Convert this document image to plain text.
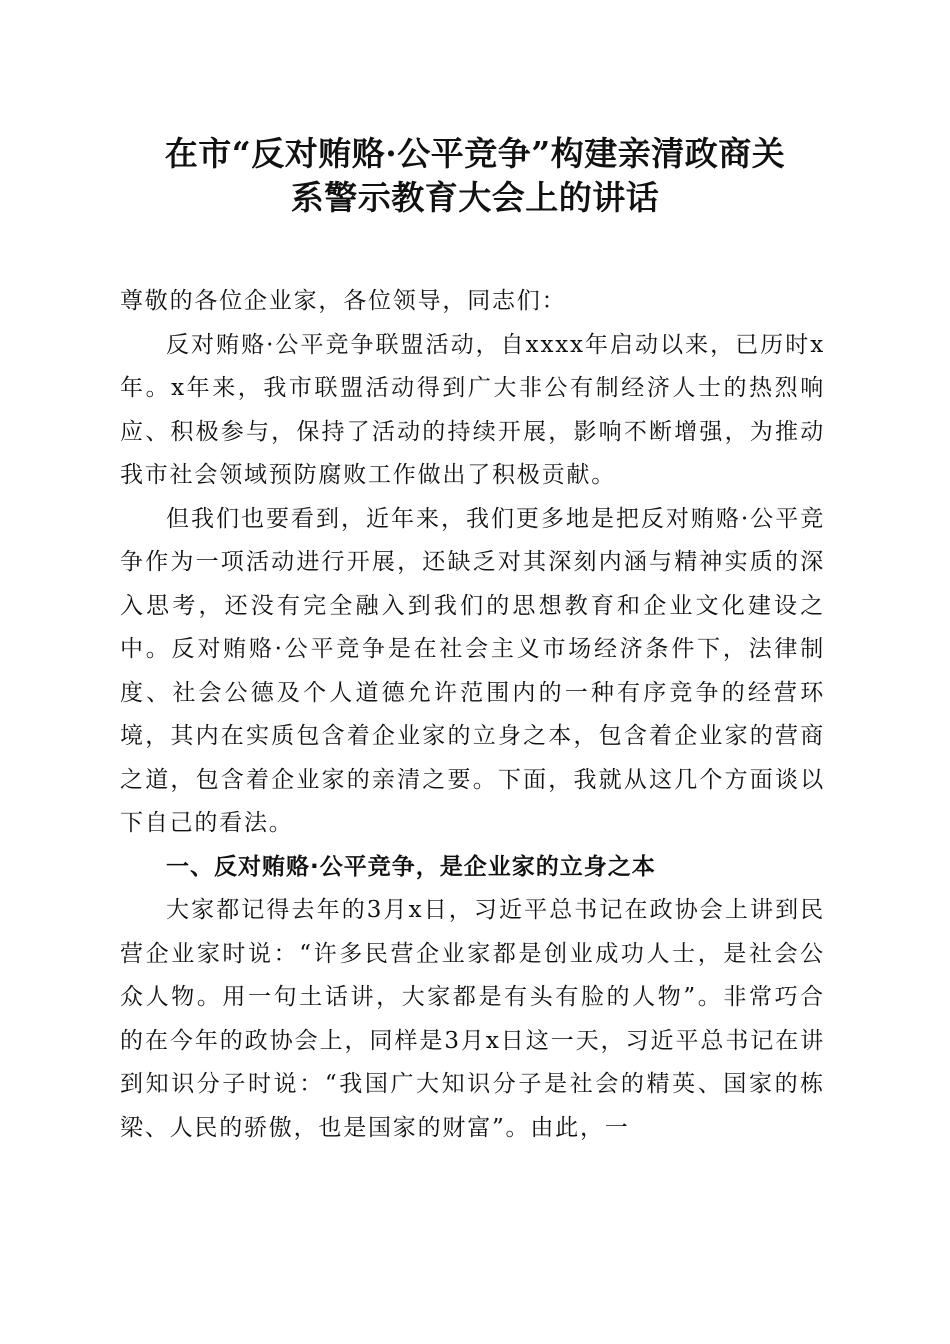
在市“反对贿赂·公平竞争”构建亲清政商关
系警示教育大会上的讲话

尊敬的各位企业家，各位领导，同志们：

反对贿赂·公平竞争联盟活动，自xxxx年启动以来，已历时x年。x年来，我市联盟活动得到广大非公有制经济人士的热烈响应、积极参与，保持了活动的持续开展，影响不断增强，为推动我市社会领域预防腐败工作做出了积极贡献。

但我们也要看到，近年来，我们更多地是把反对贿赂·公平竞争作为一项活动进行开展，还缺乏对其深刻内涵与精神实质的深入思考，还没有完全融入到我们的思想教育和企业文化建设之中。反对贿赂·公平竞争是在社会主义市场经济条件下，法律制度、社会公德及个人道德允许范围内的一种有序竞争的经营环境，其内在实质包含着企业家的立身之本，包含着企业家的营商之道，包含着企业家的亲清之要。下面，我就从这几个方面谈以下自己的看法。

一、反对贿赂·公平竞争，是企业家的立身之本

大家都记得去年的3月x日，习近平总书记在政协会上讲到民营企业家时说：“许多民营企业家都是创业成功人士，是社会公众人物。用一句土话讲，大家都是有头有脸的人物”。非常巧合的在今年的政协会上，同样是3月x日这一天，习近平总书记在讲到知识分子时说：“我国广大知识分子是社会的精英、国家的栋梁、人民的骄傲，也是国家的财富”。由此，一
